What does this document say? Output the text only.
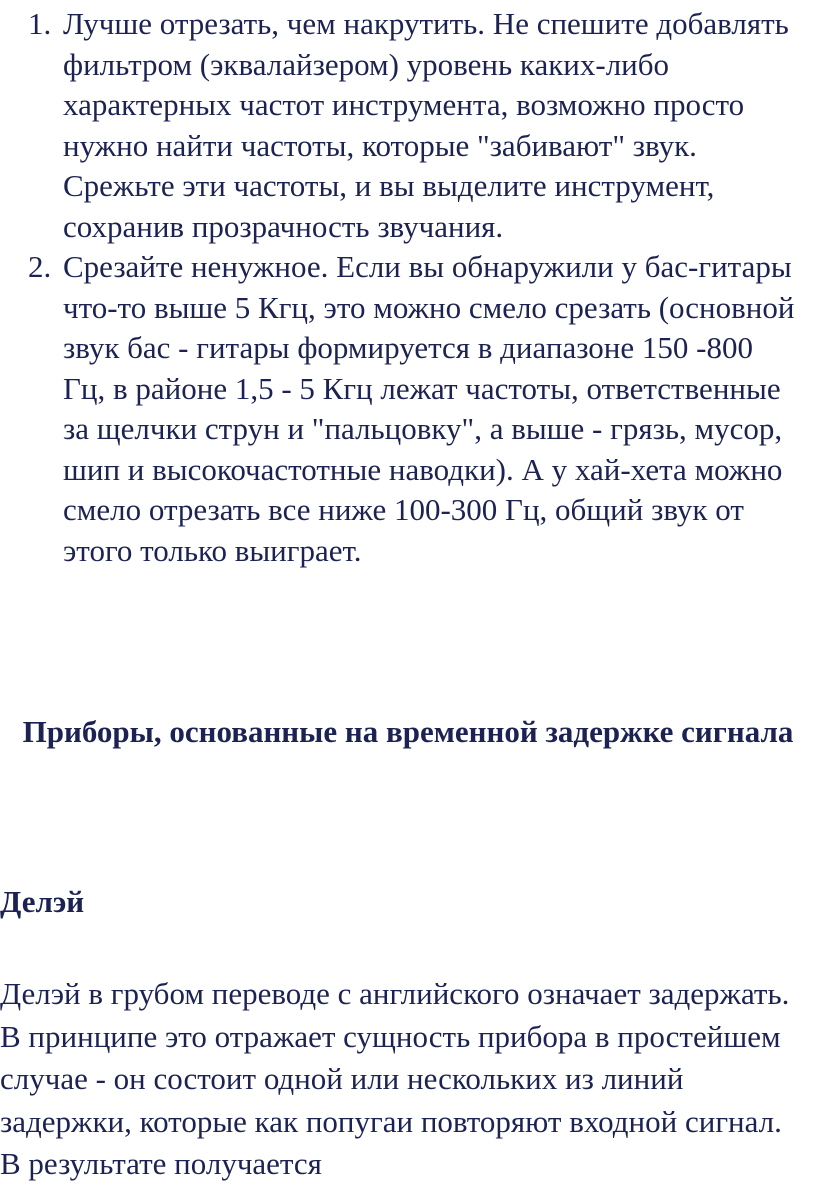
1. Лучше отрезать, чем накрутить. Не спешите добавлять фильтром (эквалайзером) уровень каких-либо характерных частот инструмента, возможно просто нужно найти частоты, которые "забивают" звук. Срежьте эти частоты, и вы выделите инструмент, сохранив прозрачность звучания.
2. Срезайте ненужное. Если вы обнаружили у бас-гитары что-то выше 5 Кгц, это можно смело срезать (основной звук бас - гитары формируется в диапазоне 150 -800 Гц, в районе 1,5 - 5 Кгц лежат частоты, ответственные за щелчки струн и "пальцовку", а выше - грязь, мусор, шип и высокочастотные наводки). А у хай-хета можно смело отрезать все ниже 100-300 Гц, общий звук от этого только выиграет.
Приборы, основанные на временной задержке сигнала
Делэй

Делэй в грубом переводе с английского означает задержать. В принципе это отражает сущность прибора в простейшем случае - он состоит одной или нескольких из линий задержки, которые как попугаи повторяют входной сигнал. В результате получается
